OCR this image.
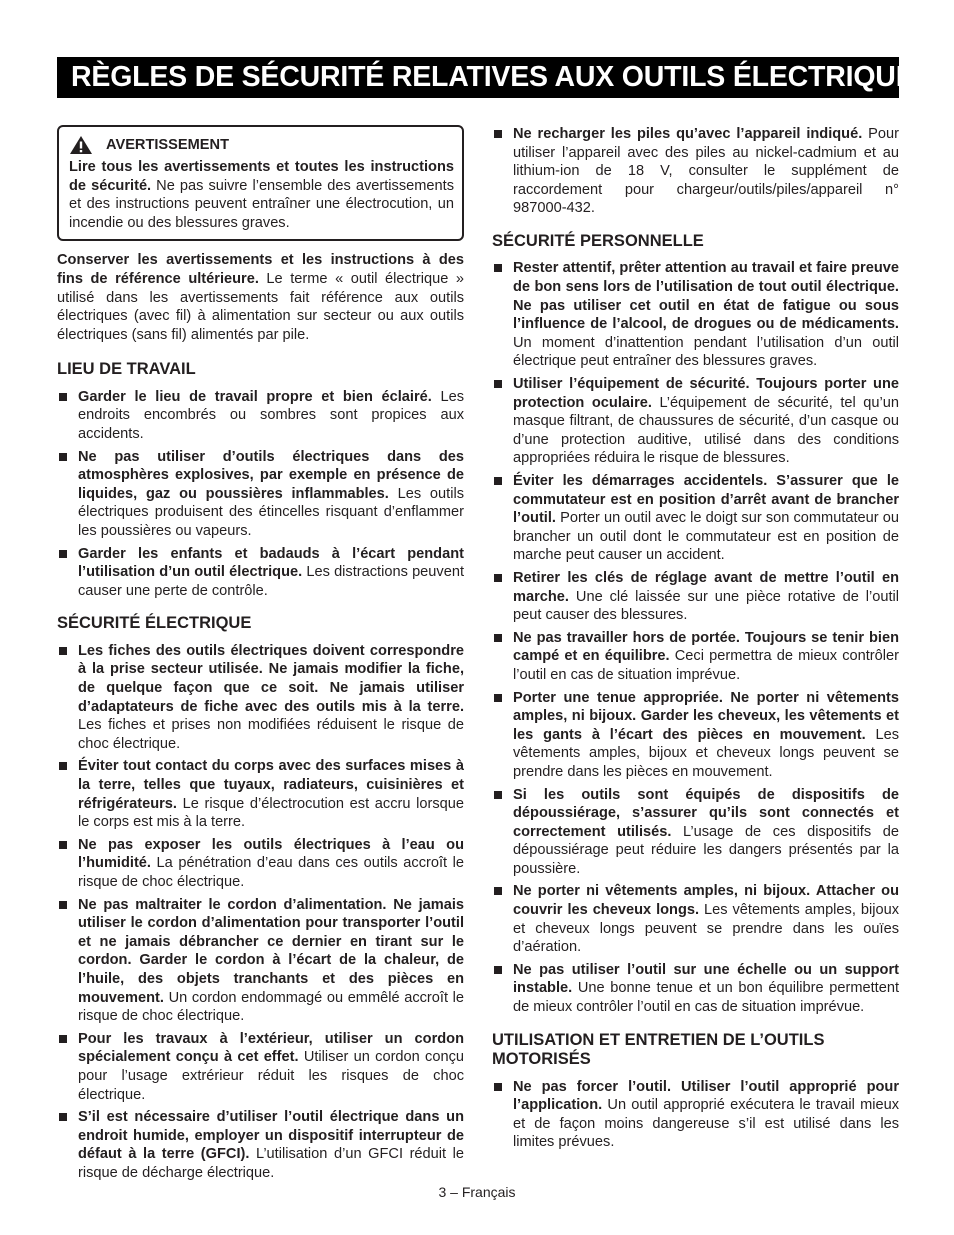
RÈGLES DE SÉCURITÉ RELATIVES AUX OUTILS ÉLECTRIQUES
AVERTISSEMENT

Lire tous les avertissements et toutes les instructions de sécurité. Ne pas suivre l’ensemble des avertissements et des instructions peuvent entraîner une électrocution, un incendie ou des blessures graves.

Conserver les avertissements et les instructions à des fins de référence ultérieure. Le terme « outil électrique » utilisé dans les avertissements fait référence aux outils électriques (avec fil) à alimentation sur secteur ou aux outils électriques (sans fil) alimentés par pile.

LIEU DE TRAVAIL
Garder le lieu de travail propre et bien éclairé. Les endroits encombrés ou sombres sont propices aux accidents.
Ne pas utiliser d’outils électriques dans des atmosphères explosives, par exemple en présence de liquides, gaz ou poussières inflammables. Les outils électriques produisent des étincelles risquant d’enflammer les poussières ou vapeurs.
Garder les enfants et badauds à l’écart pendant l’utilisation d’un outil électrique. Les distractions peuvent causer une perte de contrôle.
SÉCURITÉ ÉLECTRIQUE
Les fiches des outils électriques doivent correspondre à la prise secteur utilisée. Ne jamais modifier la fiche, de quelque façon que ce soit. Ne jamais utiliser d’adaptateurs de fiche avec des outils mis à la terre. Les fiches et prises non modifiées réduisent le risque de choc électrique.
Éviter tout contact du corps avec des surfaces mises à la terre, telles que tuyaux, radiateurs, cuisinières et réfrigérateurs. Le risque d’électrocution est accru lorsque le corps est mis à la terre.
Ne pas exposer les outils électriques à l’eau ou l’humidité. La pénétration d’eau dans ces outils accroît le risque de choc électrique.
Ne pas maltraiter le cordon d’alimentation. Ne jamais utiliser le cordon d’alimentation pour transporter l’outil et ne jamais débrancher ce dernier en tirant sur le cordon. Garder le cordon à l’écart de la chaleur, de l’huile, des objets tranchants et des pièces en mouvement. Un cordon endommagé ou emmêlé accroît le risque de choc électrique.
Pour les travaux à l’extérieur, utiliser un cordon spécialement conçu à cet effet. Utiliser un cordon conçu pour l’usage extrérieur réduit les risques de choc électrique.
S’il est nécessaire d’utiliser l’outil électrique dans un endroit humide, employer un dispositif interrupteur de défaut à la terre (GFCI). L’utilisation d’un GFCI réduit le risque de décharge électrique.
Ne recharger les piles qu’avec l’appareil indiqué. Pour utiliser l’appareil avec des piles au nickel-cadmium et au lithium-ion de 18 V, consulter le supplément de raccordement pour chargeur/outils/piles/appareil n° 987000-432.
SÉCURITÉ PERSONNELLE
Rester attentif, prêter attention au travail et faire preuve de bon sens lors de l’utilisation de tout outil électrique. Ne pas utiliser cet outil en état de fatigue ou sous l’influence de l’alcool, de drogues ou de médicaments. Un moment d’inattention pendant l’utilisation d’un outil électrique peut entraîner des blessures graves.
Utiliser l’équipement de sécurité. Toujours porter une protection oculaire. L’équipement de sécurité, tel qu’un masque filtrant, de chaussures de sécurité, d’un casque ou d’une protection auditive, utilisé dans des conditions appropriées réduira le risque de blessures.
Éviter les démarrages accidentels. S’assurer que le commutateur est en position d’arrêt avant de brancher l’outil. Porter un outil avec le doigt sur son commutateur ou brancher un outil dont le commutateur est en position de marche peut causer un accident.
Retirer les clés de réglage avant de mettre l’outil en marche. Une clé laissée sur une pièce rotative de l’outil peut causer des blessures.
Ne pas travailler hors de portée. Toujours se tenir bien campé et en équilibre. Ceci permettra de mieux contrôler l’outil en cas de situation imprévue.
Porter une tenue appropriée. Ne porter ni vêtements amples, ni bijoux. Garder les cheveux, les vêtements et les gants à l’écart des pièces en mouvement. Les vêtements amples, bijoux et cheveux longs peuvent se prendre dans les pièces en mouvement.
Si les outils sont équipés de dispositifs de dépoussiérage, s’assurer qu’ils sont connectés et correctement utilisés. L’usage de ces dispositifs de dépoussiérage peut réduire les dangers présentés par la poussière.
Ne porter ni vêtements amples, ni bijoux. Attacher ou couvrir les cheveux longs. Les vêtements amples, bijoux et cheveux longs peuvent se prendre dans les ouïes d’aération.
Ne pas utiliser l’outil sur une échelle ou un support instable. Une bonne tenue et un bon équilibre permettent de mieux contrôler l’outil en cas de situation imprévue.
UTILISATION ET ENTRETIEN DE L’OUTILS MOTORISÉS
Ne pas forcer l’outil. Utiliser l’outil approprié pour l’application. Un outil approprié exécutera le travail mieux et de façon moins dangereuse s’il est utilisé dans les limites prévues.
3 – Français
